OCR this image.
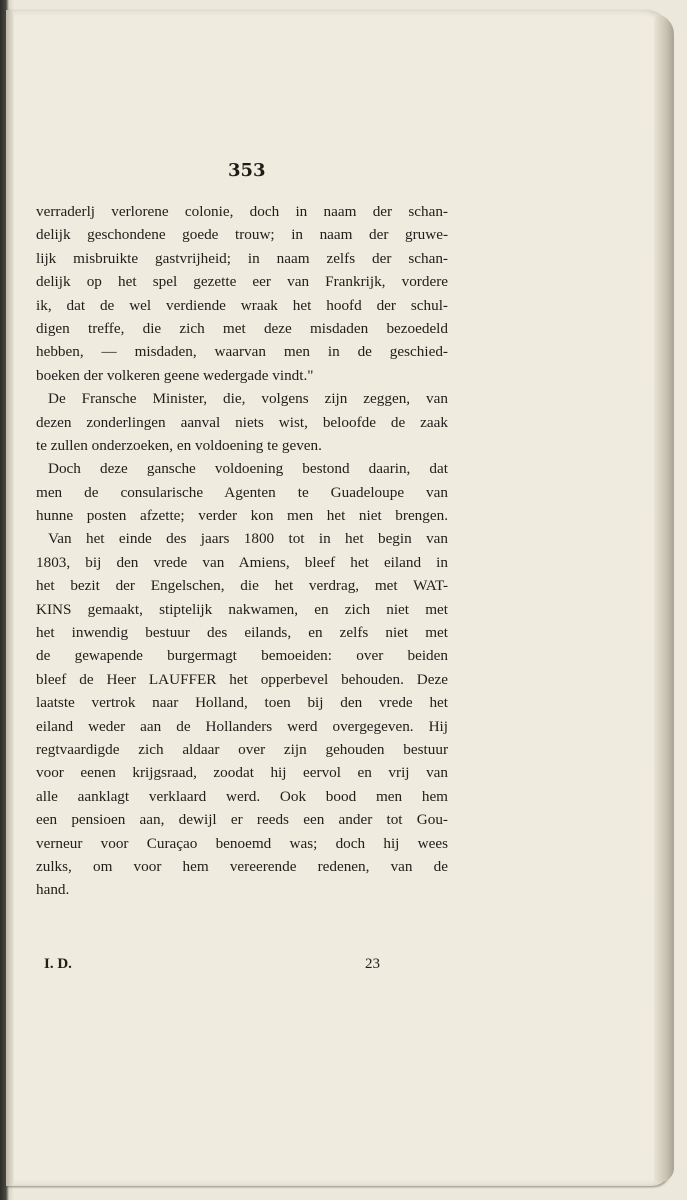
353
verraderlj verlorene colonie, doch in naam der schan-
delijk geschondene goede trouw; in naam der gruwe-
lijk misbruikte gastvrijheid; in naam zelfs der schan-
delijk op het spel gezette eer van Frankrijk, vordere
ik, dat de wel verdiende wraak het hoofd der schul-
digen treffe, die zich met deze misdaden bezoedeld
hebben, — misdaden, waarvan men in de geschied-
boeken der volkeren geene wedergade vindt."
De Fransche Minister, die, volgens zijn zeggen, van
dezen zonderlingen aanval niets wist, beloofde de zaak
te zullen onderzoeken, en voldoening te geven.
Doch deze gansche voldoening bestond daarin, dat
men de consularische Agenten te Guadeloupe van
hunne posten afzette; verder kon men het niet brengen.
Van het einde des jaars 1800 tot in het begin van
1803, bij den vrede van Amiens, bleef het eiland in
het bezit der Engelschen, die het verdrag, met WAT-
KINS gemaakt, stiptelijk nakwamen, en zich niet met
het inwendig bestuur des eilands, en zelfs niet met
de gewapende burgermagt bemoeiden: over beiden
bleef de Heer LAUFFER het opperbevel behouden. Deze
laatste vertrok naar Holland, toen bij den vrede het
eiland weder aan de Hollanders werd overgegeven. Hij
regtvaardigde zich aldaar over zijn gehouden bestuur
voor eenen krijgsraad, zoodat hij eervol en vrij van
alle aanklagt verklaard werd. Ook bood men hem
een pensioen aan, dewijl er reeds een ander tot Gou-
verneur voor Curaçao benoemd was; doch hij wees
zulks, om voor hem vereerende redenen, van de
hand.
I. D.	23
